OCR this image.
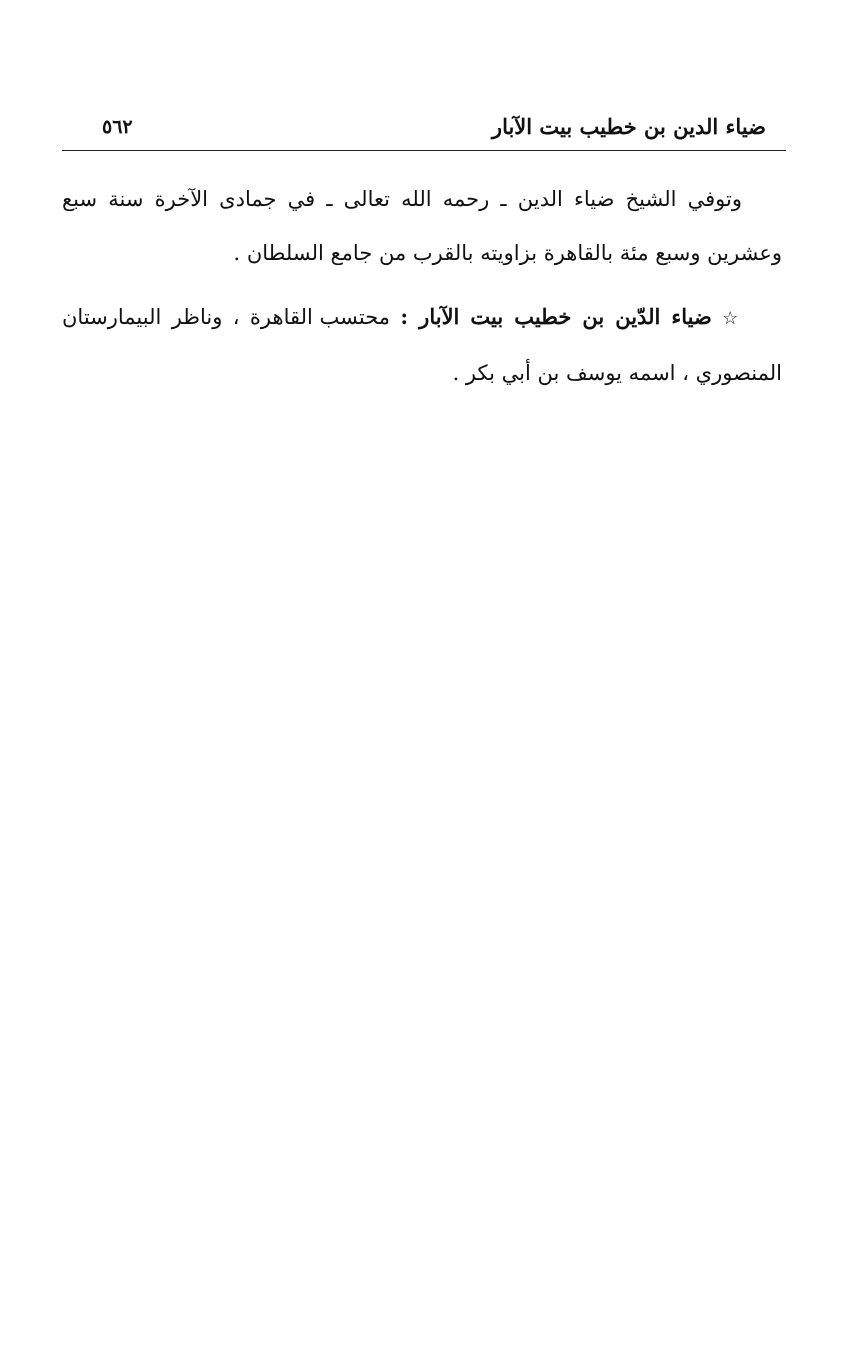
ضياء الدين بن خطيب بيت الآبار
٥٦٢

وتوفي الشيخ ضياء الدين ـ رحمه الله تعالى ـ في جمادى الآخرة سنة سبع وعشرين وسبع مئة بالقاهرة بزاويته بالقرب من جامع السلطان .

☆ ضياء الدّين بن خطيب بيت الآبار : محتسب القاهرة ، وناظر البيمارستان المنصوري ، اسمه يوسف بن أبي بكر .
